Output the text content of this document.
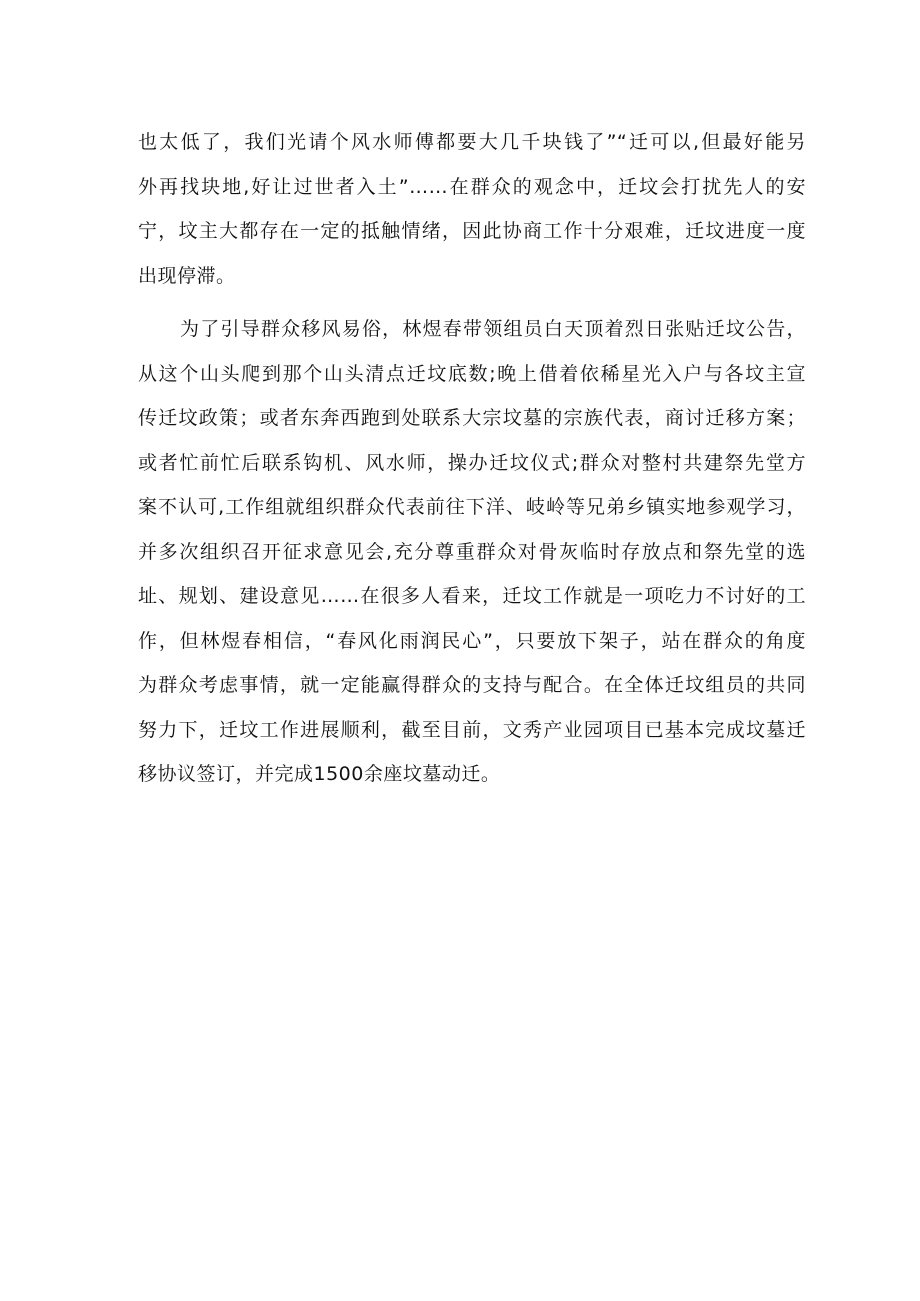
也太低了，我们光请个风水师傅都要大几千块钱了”“迁可以,但最好能另
外再找块地,好让过世者入土”……在群众的观念中，迁坟会打扰先人的安
宁，坟主大都存在一定的抵触情绪，因此协商工作十分艰难，迁坟进度一度
出现停滞。
为了引导群众移风易俗，林煜春带领组员白天顶着烈日张贴迁坟公告，
从这个山头爬到那个山头清点迁坟底数;晚上借着依稀星光入户与各坟主宣
传迁坟政策；或者东奔西跑到处联系大宗坟墓的宗族代表，商讨迁移方案；
或者忙前忙后联系钩机、风水师，操办迁坟仪式;群众对整村共建祭先堂方
案不认可,工作组就组织群众代表前往下洋、岐岭等兄弟乡镇实地参观学习，
并多次组织召开征求意见会,充分尊重群众对骨灰临时存放点和祭先堂的选
址、规划、建设意见……在很多人看来，迁坟工作就是一项吃力不讨好的工
作，但林煜春相信，“春风化雨润民心”，只要放下架子，站在群众的角度
为群众考虑事情，就一定能赢得群众的支持与配合。在全体迁坟组员的共同
努力下，迁坟工作进展顺利，截至目前，文秀产业园项目已基本完成坟墓迁
移协议签订，并完成1500余座坟墓动迁。
